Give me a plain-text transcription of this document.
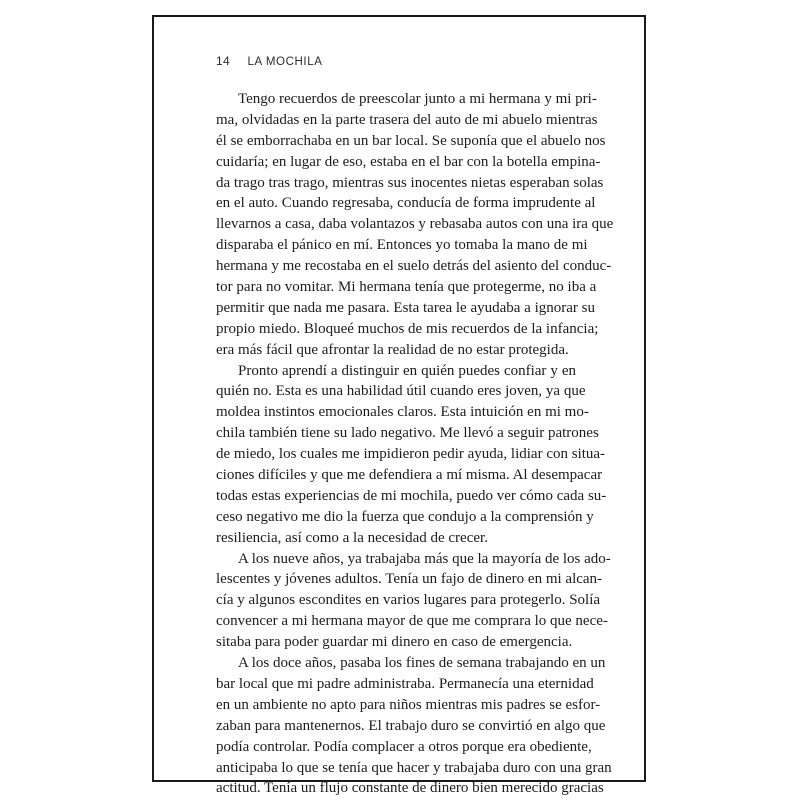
14 LA MOCHILA
Tengo recuerdos de preescolar junto a mi hermana y mi pri-
ma, olvidadas en la parte trasera del auto de mi abuelo mientras
él se emborrachaba en un bar local. Se suponía que el abuelo nos
cuidaría; en lugar de eso, estaba en el bar con la botella empina-
da trago tras trago, mientras sus inocentes nietas esperaban solas
en el auto. Cuando regresaba, conducía de forma imprudente al
llevarnos a casa, daba volantazos y rebasaba autos con una ira que
disparaba el pánico en mí. Entonces yo tomaba la mano de mi
hermana y me recostaba en el suelo detrás del asiento del conduc-
tor para no vomitar. Mi hermana tenía que protegerme, no iba a
permitir que nada me pasara. Esta tarea le ayudaba a ignorar su
propio miedo. Bloqueé muchos de mis recuerdos de la infancia;
era más fácil que afrontar la realidad de no estar protegida.
Pronto aprendí a distinguir en quién puedes confiar y en
quién no. Esta es una habilidad útil cuando eres joven, ya que
moldea instintos emocionales claros. Esta intuición en mi mo-
chila también tiene su lado negativo. Me llevó a seguir patrones
de miedo, los cuales me impidieron pedir ayuda, lidiar con situa-
ciones difíciles y que me defendiera a mí misma. Al desempacar
todas estas experiencias de mi mochila, puedo ver cómo cada su-
ceso negativo me dio la fuerza que condujo a la comprensión y
resiliencia, así como a la necesidad de crecer.
A los nueve años, ya trabajaba más que la mayoría de los ado-
lescentes y jóvenes adultos. Tenía un fajo de dinero en mi alcan-
cía y algunos escondites en varios lugares para protegerlo. Solía
convencer a mi hermana mayor de que me comprara lo que nece-
sitaba para poder guardar mi dinero en caso de emergencia.
A los doce años, pasaba los fines de semana trabajando en un
bar local que mi padre administraba. Permanecía una eternidad
en un ambiente no apto para niños mientras mis padres se esfor-
zaban para mantenernos. El trabajo duro se convirtió en algo que
podía controlar. Podía complacer a otros porque era obediente,
anticipaba lo que se tenía que hacer y trabajaba duro con una gran
actitud. Tenía un flujo constante de dinero bien merecido gracias
